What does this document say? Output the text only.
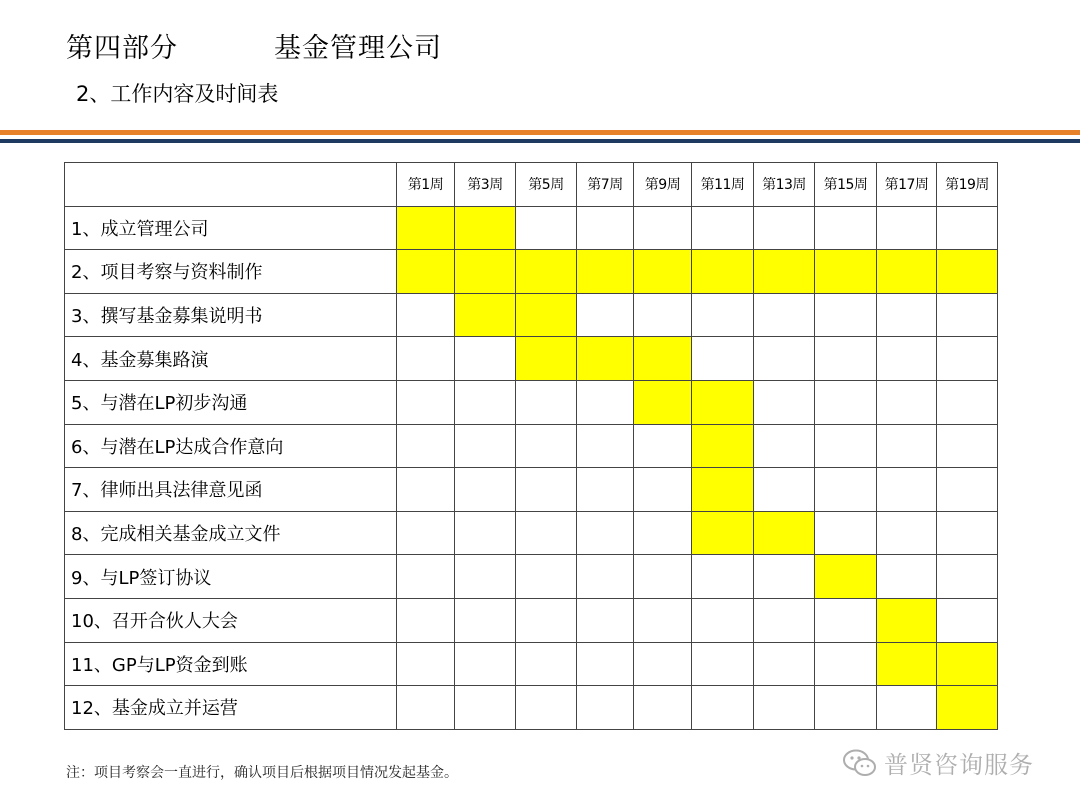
第四部分	基金管理公司
2、工作内容及时间表
	第1周	第3周	第5周	第7周	第9周	第11周	第13周	第15周	第17周	第19周
1、成立管理公司										
2、项目考察与资料制作										
3、撰写基金募集说明书										
4、基金募集路演										
5、与潜在LP初步沟通										
6、与潜在LP达成合作意向										
7、律师出具法律意见函										
8、完成相关基金成立文件										
9、与LP签订协议										
10、召开合伙人大会										
11、GP与LP资金到账										
12、基金成立并运营										
注：项目考察会一直进行，确认项目后根据项目情况发起基金。	普贤咨询服务
